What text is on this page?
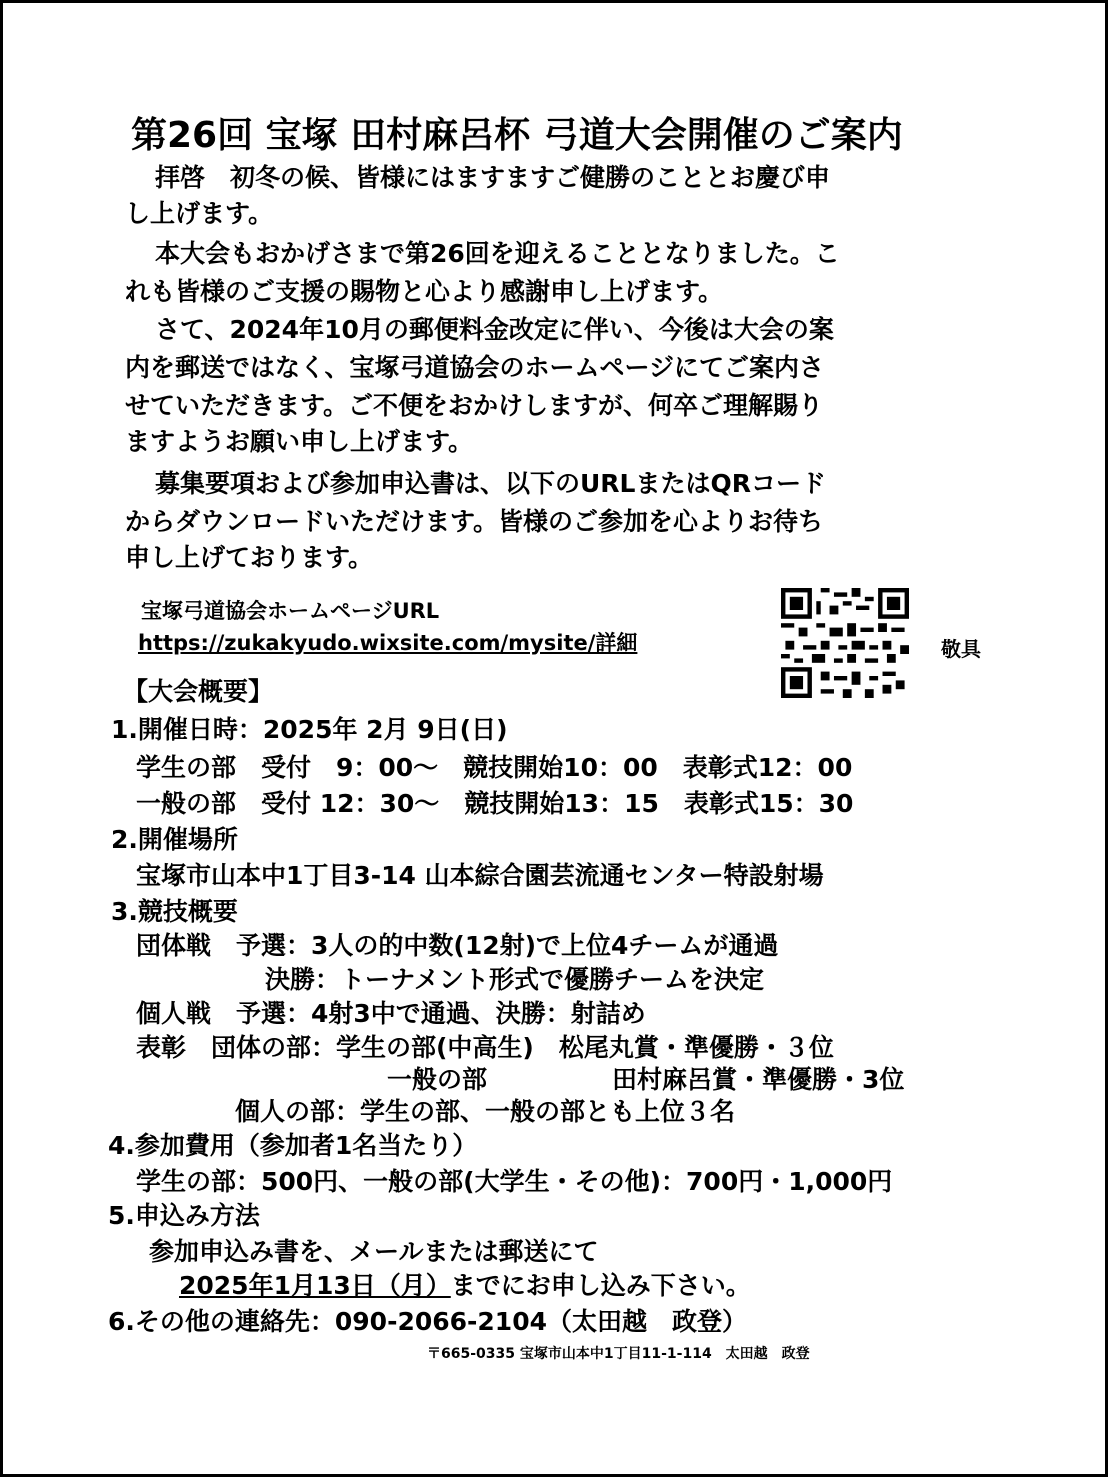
第26回 宝塚 田村麻呂杯 弓道大会開催のご案内
拝啓　初冬の候、皆様にはますますご健勝のこととお慶び申
し上げます。
本大会もおかげさまで第26回を迎えることとなりました。こ
れも皆様のご支援の賜物と心より感謝申し上げます。
さて、2024年10月の郵便料金改定に伴い、今後は大会の案
内を郵送ではなく、宝塚弓道協会のホームページにてご案内さ
せていただきます。ご不便をおかけしますが、何卒ご理解賜り
ますようお願い申し上げます。
募集要項および参加申込書は、以下のURLまたはQRコード
からダウンロードいただけます。皆様のご参加を心よりお待ち
申し上げております。
宝塚弓道協会ホームページURL
https://zukakyudo.wixsite.com/mysite/詳細	敬具
【大会概要】
1.開催日時：2025年 2月 9日(日)
学生の部　受付　9：00～　競技開始10：00　表彰式12：00
一般の部　受付 12：30～　競技開始13：15　表彰式15：30
2.開催場所
宝塚市山本中1丁目3-14 山本綜合園芸流通センター特設射場
3.競技概要
団体戦　予選：3人の的中数(12射)で上位4チームが通過
決勝：トーナメント形式で優勝チームを決定
個人戦　予選：4射3中で通過、決勝：射詰め
表彰　団体の部：学生の部(中高生)　松尾丸賞・準優勝・３位
一般の部　　　　　田村麻呂賞・準優勝・3位
個人の部：学生の部、一般の部とも上位３名
4.参加費用（参加者1名当たり）
学生の部：500円、一般の部(大学生・その他)：700円・1,000円
5.申込み方法
参加申込み書を、メールまたは郵送にて
2025年1月13日（月）までにお申し込み下さい。
6.その他の連絡先：090-2066-2104（太田越　政登）
〒665-0335 宝塚市山本中1丁目11-1-114　太田越　政登
